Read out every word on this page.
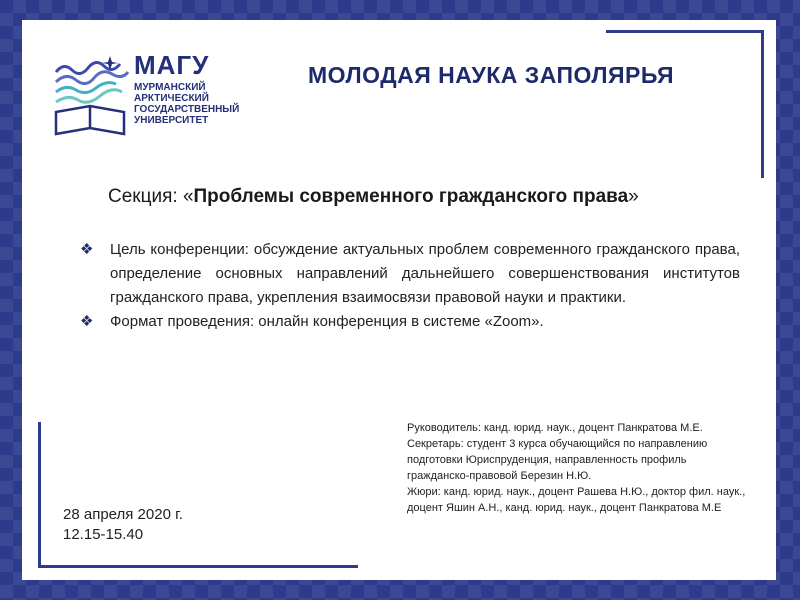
МАГУ
МУРМАНСКИЙ
АРКТИЧЕСКИЙ
ГОСУДАРСТВЕННЫЙ
УНИВЕРСИТЕТ
МОЛОДАЯ НАУКА ЗАПОЛЯРЬЯ
Секция: «Проблемы современного гражданского права»
❖ Цель конференции: обсуждение актуальных проблем современного гражданского права, определение основных направлений дальнейшего совершенствования институтов гражданского права, укрепления взаимосвязи правовой науки и практики.
❖ Формат проведения: онлайн конференция в системе «Zoom».
28 апреля 2020 г.
12.15-15.40
Руководитель: канд. юрид. наук., доцент Панкратова М.Е.
Секретарь: студент 3 курса обучающийся по направлению подготовки Юриспруденция, направленность профиль гражданско-правовой Березин Н.Ю.
Жюри: канд. юрид. наук., доцент Рашева Н.Ю., доктор фил. наук., доцент Яшин А.Н., канд. юрид. наук., доцент Панкратова М.Е
